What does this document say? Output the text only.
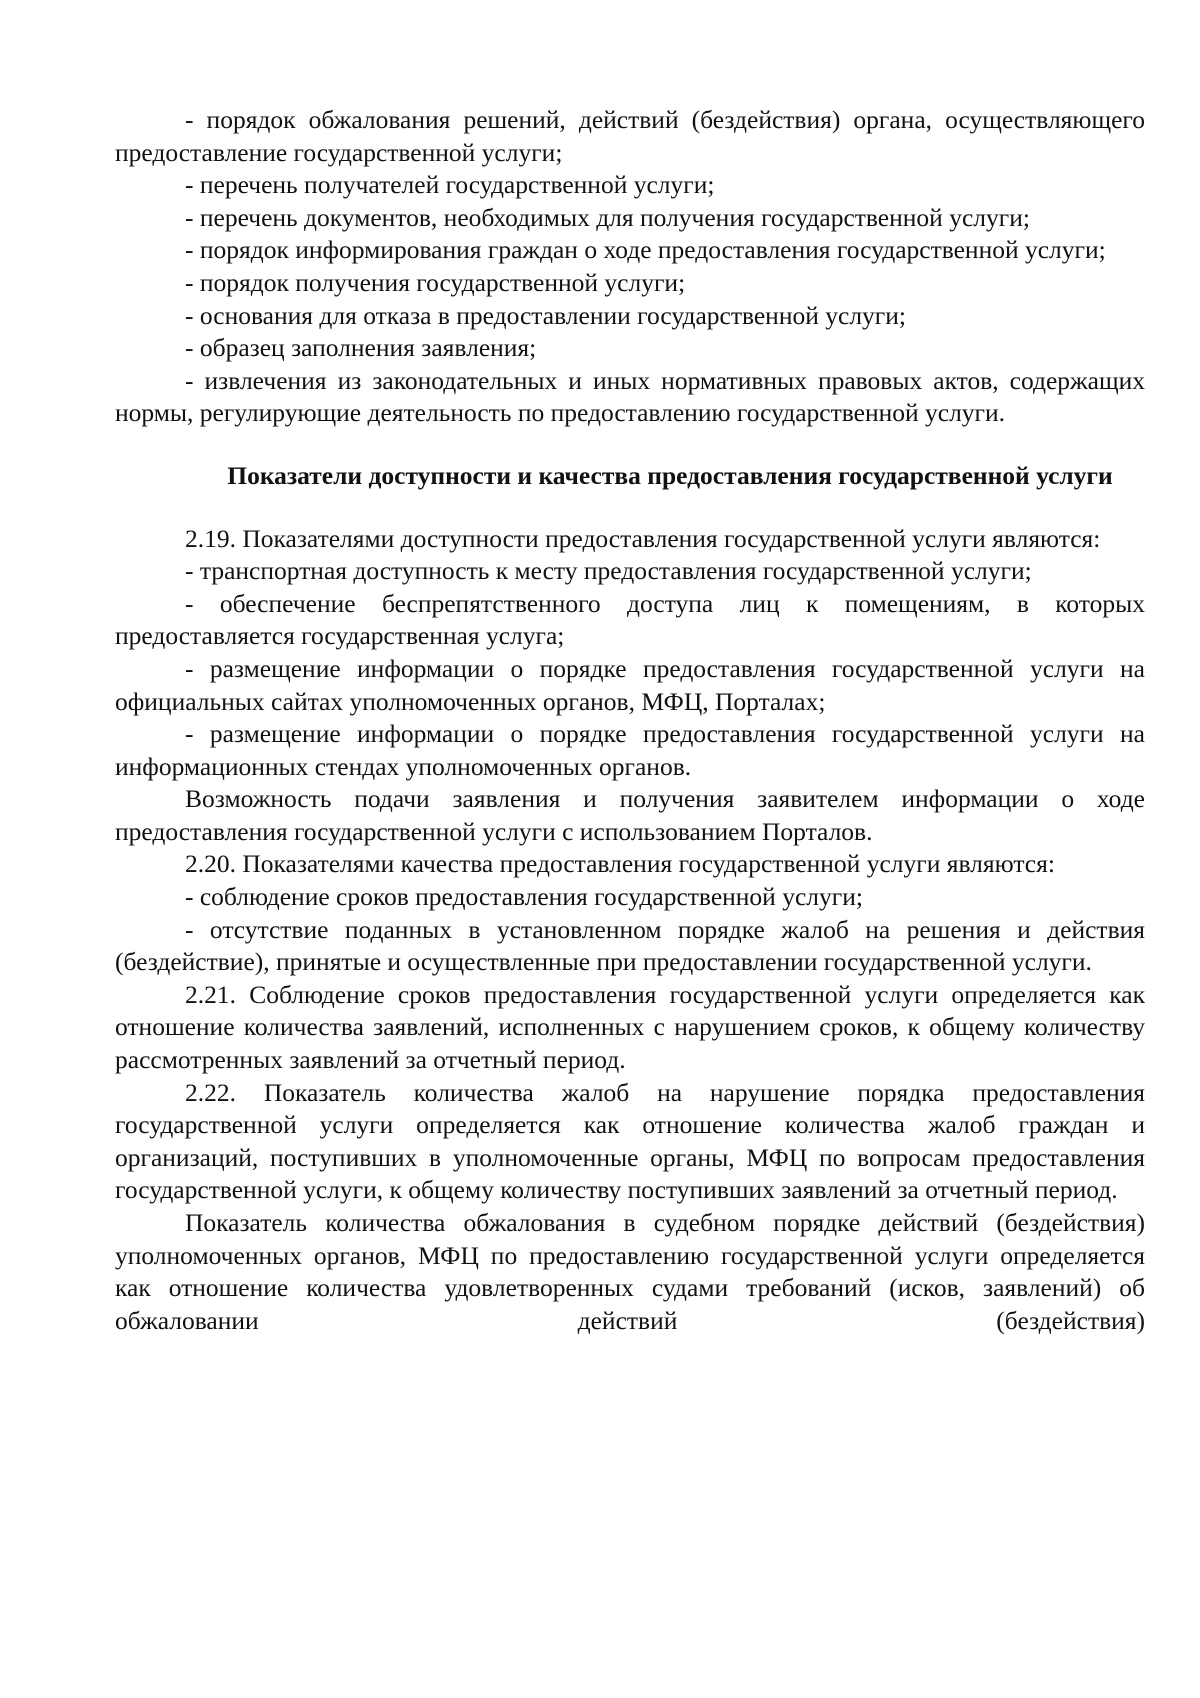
- порядок обжалования решений, действий (бездействия) органа, осуществляющего предоставление государственной услуги;

- перечень получателей государственной услуги;

- перечень документов, необходимых для получения государственной услуги;

- порядок информирования граждан о ходе предоставления государственной услуги;

- порядок получения государственной услуги;

- основания для отказа в предоставлении государственной услуги;

- образец заполнения заявления;

- извлечения из законодательных и иных нормативных правовых актов, содержащих нормы, регулирующие деятельность по предоставлению государственной услуги.

Показатели доступности и качества предоставления государственной услуги

2.19. Показателями доступности предоставления государственной услуги являются:

- транспортная доступность к месту предоставления государственной услуги;

- обеспечение беспрепятственного доступа лиц к помещениям, в которых предоставляется государственная услуга;

- размещение информации о порядке предоставления государственной услуги на официальных сайтах уполномоченных органов, МФЦ, Порталах;

- размещение информации о порядке предоставления государственной услуги на информационных стендах уполномоченных органов.

Возможность подачи заявления и получения заявителем информации о ходе предоставления государственной услуги с использованием Порталов.

2.20. Показателями качества предоставления государственной услуги являются:

- соблюдение сроков предоставления государственной услуги;

- отсутствие поданных в установленном порядке жалоб на решения и действия (бездействие), принятые и осуществленные при предоставлении государственной услуги.

2.21. Соблюдение сроков предоставления государственной услуги определяется как отношение количества заявлений, исполненных с нарушением сроков, к общему количеству рассмотренных заявлений за отчетный период.

2.22. Показатель количества жалоб на нарушение порядка предоставления государственной услуги определяется как отношение количества жалоб граждан и организаций, поступивших в уполномоченные органы, МФЦ по вопросам предоставления государственной услуги, к общему количеству поступивших заявлений за отчетный период.

Показатель количества обжалования в судебном порядке действий (бездействия) уполномоченных органов, МФЦ по предоставлению государственной услуги определяется как отношение количества удовлетворенных судами требований (исков, заявлений) об обжаловании действий (бездействия)
